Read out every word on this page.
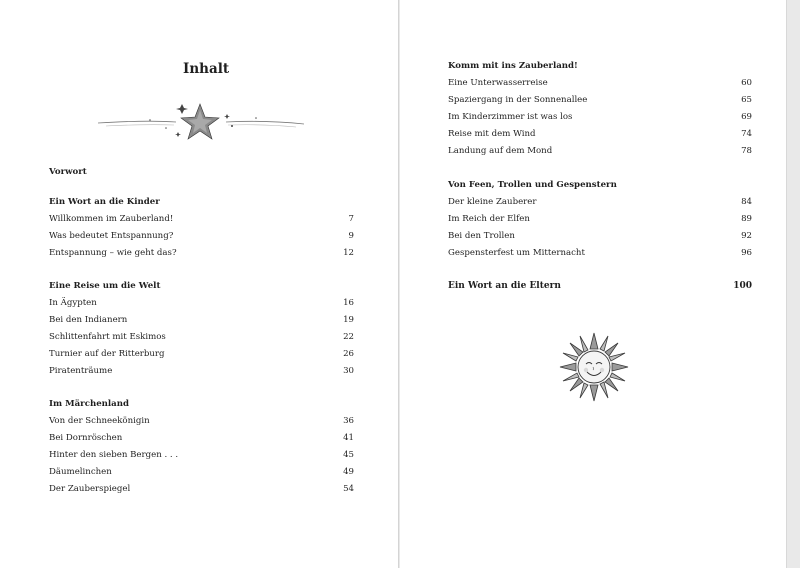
Inhalt
Vorwort
Ein Wort an die Kinder
Willkommen im Zauberland!	7
Was bedeutet Entspannung?	9
Entspannung – wie geht das?	12
Eine Reise um die Welt
In Ägypten	16
Bei den Indianern	19
Schlittenfahrt mit Eskimos	22
Turnier auf der Ritterburg	26
Piratenträume	30
Im Märchenland
Von der Schneekönigin	36
Bei Dornröschen	41
Hinter den sieben Bergen . . .	45
Däumelinchen	49
Der Zauberspiegel	54
Komm mit ins Zauberland!
Eine Unterwasserreise	60
Spaziergang in der Sonnenallee	65
Im Kinderzimmer ist was los	69
Reise mit dem Wind	74
Landung auf dem Mond	78
Von Feen, Trollen und Gespenstern
Der kleine Zauberer	84
Im Reich der Elfen	89
Bei den Trollen	92
Gespensterfest um Mitternacht	96
Ein Wort an die Eltern	100
